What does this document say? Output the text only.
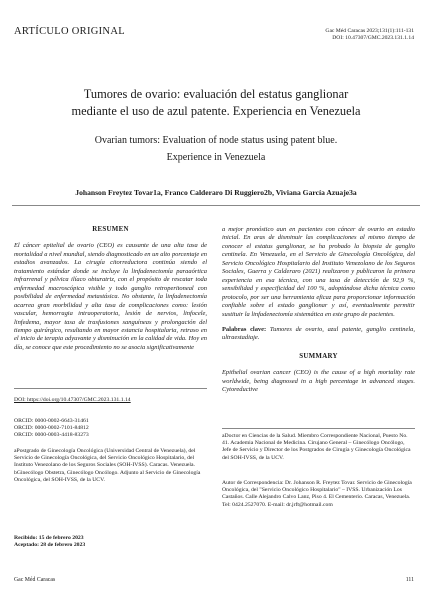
ARTÍCULO ORIGINAL	Gac Méd Caracas 2023;131(1):111-131
DOI: 10.47307/GMC.2023.131.1.14
Tumores de ovario: evaluación del estatus ganglionar
mediante el uso de azul patente. Experiencia en Venezuela
Ovarian tumors: Evaluation of node status using patent blue.
Experience in Venezuela
Johanson Freytez Tovar1a, Franco Calderaro Di Ruggiero2b, Viviana García Azuaje3a
RESUMEN

El cáncer epitelial de ovario (CEO) es causante de una alta tasa de mortalidad a nivel mundial, siendo diagnosticado en un alto porcentaje en estadios avanzados. La cirugía citorreductora continúa siendo el tratamiento estándar donde se incluye la linfadenectomía paraaórtica infrarrenal y pélvica ilíaco obturatriz, con el propósito de rescatar toda enfermedad macroscópica visible y todo ganglio retroperitoneal con posibilidad de enfermedad metastásica. No obstante, la linfadenectomía acarrea gran morbilidad y alta tasa de complicaciones como: lesión vascular, hemorragia intraoperatoria, lesión de nervios, linfocele, linfedema, mayor tasa de trasfusiones sanguíneas y prolongación del tiempo quirúrgico, resultando en mayor estancia hospitalaria, retraso en el inicio de terapia adyuvante y disminución en la calidad de vida. Hoy en día, se conoce que este procedimiento no se asocia significativamente

DOI: https://doi.org/10.47307/GMC.2023.131.1.14
ORCID: 0000-0002-6643-31461
ORCID: 0000-0002-7101-84812
ORCID: 0000-0003-4418-83273

aPostgrado de Ginecología Oncológica (Universidad Central de Venezuela), del Servicio de Ginecología Oncológica, del Servicio Oncológico Hospitalario, del Instituto Venezolano de los Seguros Sociales (SOH-IVSS). Caracas. Venezuela.

bGinecólogo Obstetra, Ginecólogo Oncólogo. Adjunto al Servicio de Ginecología Oncológica, del SOH-IVSS, de la UCV.

Recibido: 15 de febrero 2023
Aceptado: 28 de febrero 2023

a mejor pronóstico aun en pacientes con cáncer de ovario en estadio inicial. En aras de disminuir las complicaciones al mismo tiempo de conocer el estatus ganglionar, se ha probado la biopsia de ganglio centinela. En Venezuela, en el Servicio de Ginecología Oncológica, del Servicio Oncológico Hospitalario del Instituto Venezolano de los Seguros Sociales, Guerra y Calderaro (2021) realizaron y publicaron la primera experiencia en esa técnica, con una tasa de detección de 92,9 %, sensibilidad y especificidad del 100 %, adoptándose dicha técnica como protocolo, por ser una herramienta eficaz para proporcionar información confiable sobre el estado ganglionar y así, eventualmente permitir sustituir la linfadenectomía sistemática en este grupo de pacientes.

Palabras clave: Tumores de ovario, azul patente, ganglio centinela, ultraestadiaje.

SUMMARY

Epithelial ovarian cancer (CEO) is the cause of a high mortality rate worldwide, being diagnosed in a high percentage in advanced stages. Cytoreductive

aDoctor en Ciencias de la Salud. Miembro Correspondiente Nacional, Puesto No. 41. Academia Nacional de Medicina. Cirujano General – Ginecólogo Oncólogo, Jefe de Servicio y Director de los Postgrados de Cirugía y Ginecología Oncológica del SOH-IVSS, de la UCV.
Autor de Correspondencia: Dr. Johanson R. Freytez Tovar. Servicio de Ginecología Oncológica, del "Servicio Oncológico Hospitalario" – IVSS. Urbanización Los Castaños. Calle Alejandro Calvo Lanz, Piso 4. El Cementerio. Caracas, Venezuela. Tel: 0424.2527070. E-mail: dr.jrft@hotmail.com
Gac Méd Caracas	111
